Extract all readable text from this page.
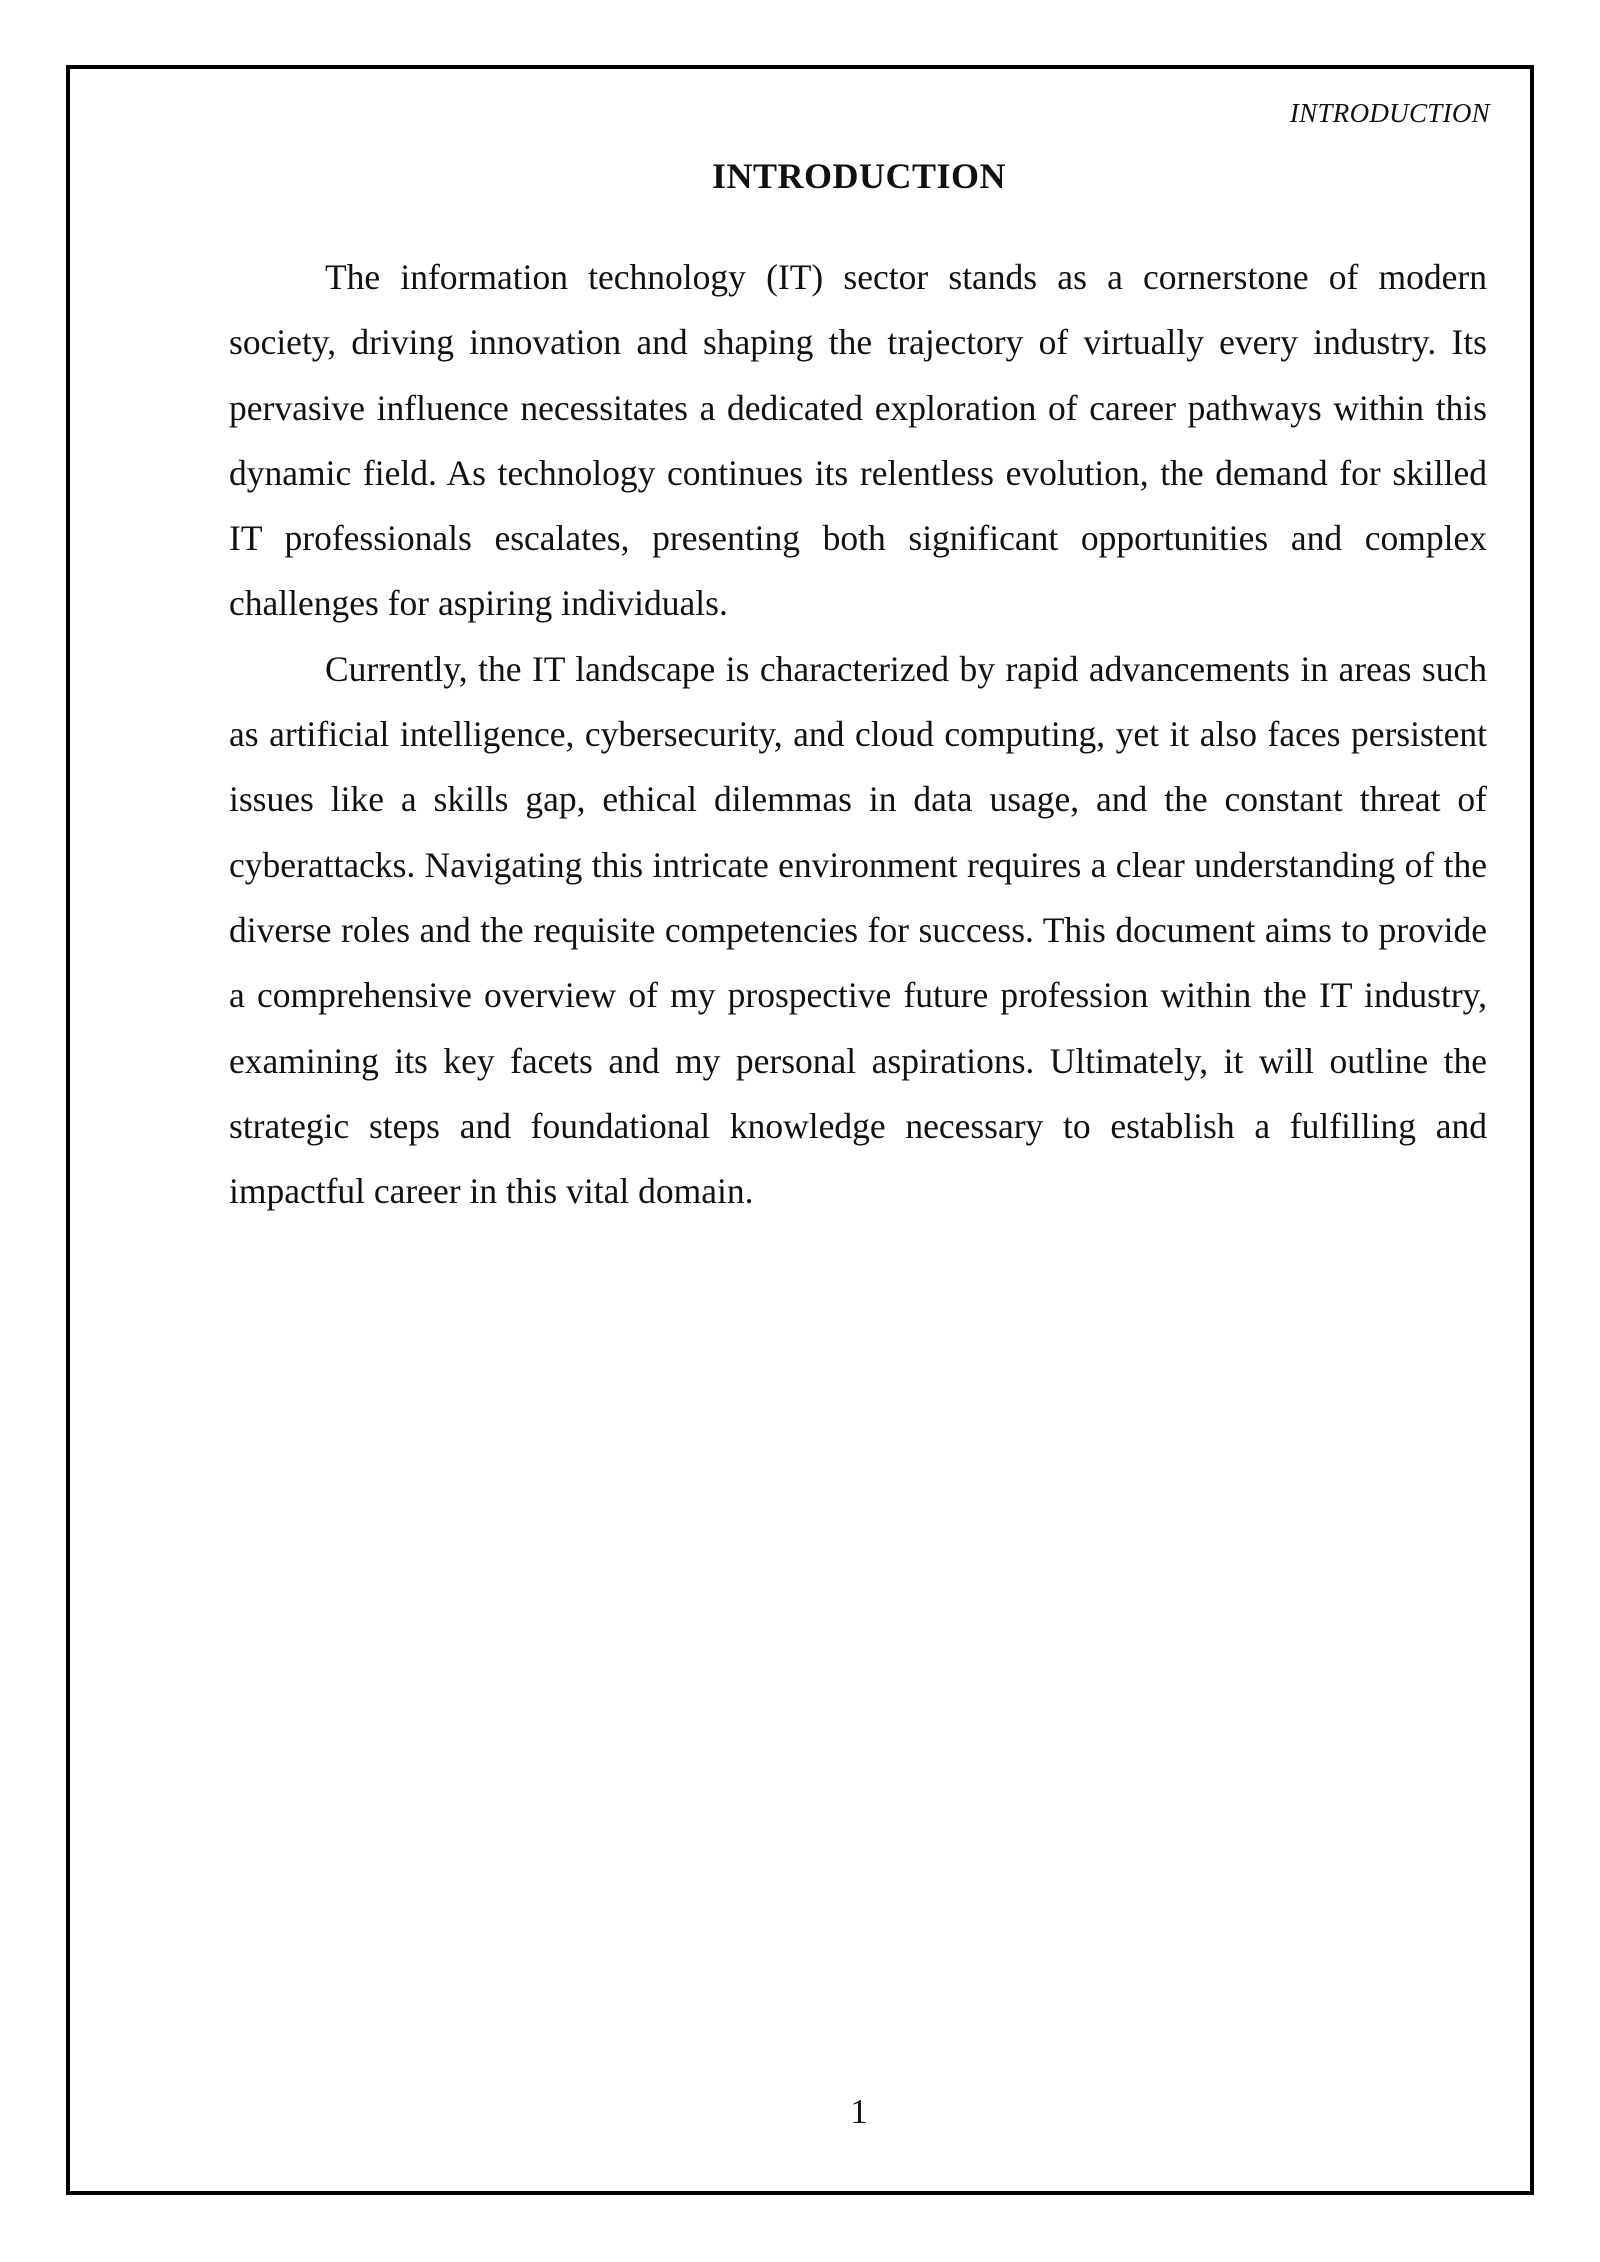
INTRODUCTION
INTRODUCTION

The information technology (IT) sector stands as a cornerstone of modern society, driving innovation and shaping the trajectory of virtually every industry. Its pervasive influence necessitates a dedicated exploration of career pathways within this dynamic field. As technology continues its relentless evolution, the demand for skilled IT professionals escalates, presenting both significant opportunities and complex challenges for aspiring individuals.

Currently, the IT landscape is characterized by rapid advancements in areas such as artificial intelligence, cybersecurity, and cloud computing, yet it also faces persistent issues like a skills gap, ethical dilemmas in data usage, and the constant threat of cyberattacks. Navigating this intricate environment requires a clear understanding of the diverse roles and the requisite competencies for success. This document aims to provide a comprehensive overview of my prospective future profession within the IT industry, examining its key facets and my personal aspirations. Ultimately, it will outline the strategic steps and foundational knowledge necessary to establish a fulfilling and impactful career in this vital domain.

1
